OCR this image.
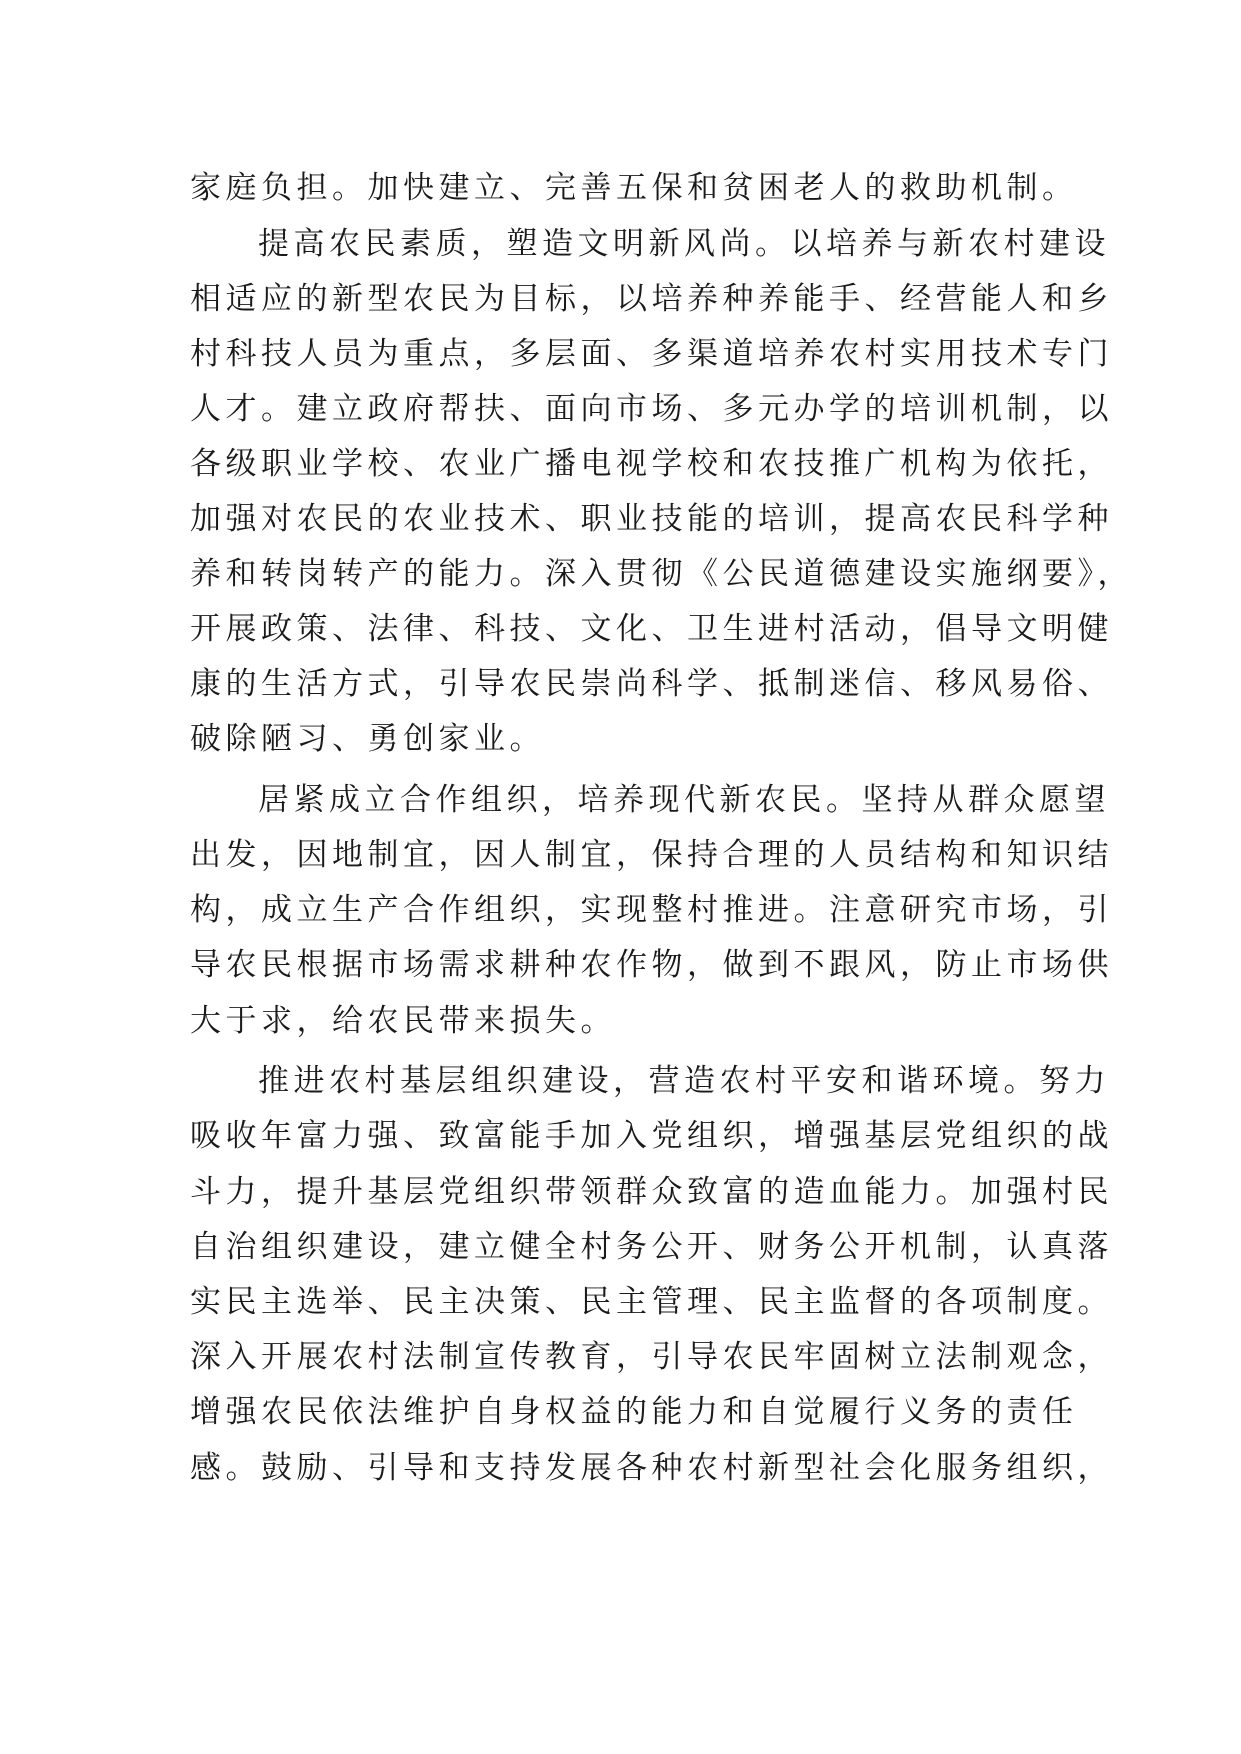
家庭负担。加快建立、完善五保和贫困老人的救助机制。

提高农民素质，塑造文明新风尚。以培养与新农村建设

相适应的新型农民为目标，以培养种养能手、经营能人和乡

村科技人员为重点，多层面、多渠道培养农村实用技术专门

人才。建立政府帮扶、面向市场、多元办学的培训机制，以

各级职业学校、农业广播电视学校和农技推广机构为依托，

加强对农民的农业技术、职业技能的培训，提高农民科学种

养和转岗转产的能力。深入贯彻《公民道德建设实施纲要》，

开展政策、法律、科技、文化、卫生进村活动，倡导文明健

康的生活方式，引导农民崇尚科学、抵制迷信、移风易俗、

破除陋习、勇创家业。

居紧成立合作组织，培养现代新农民。坚持从群众愿望

出发，因地制宜，因人制宜，保持合理的人员结构和知识结

构，成立生产合作组织，实现整村推进。注意研究市场，引

导农民根据市场需求耕种农作物，做到不跟风，防止市场供

大于求，给农民带来损失。

推进农村基层组织建设，营造农村平安和谐环境。努力

吸收年富力强、致富能手加入党组织，增强基层党组织的战

斗力，提升基层党组织带领群众致富的造血能力。加强村民

自治组织建设，建立健全村务公开、财务公开机制，认真落

实民主选举、民主决策、民主管理、民主监督的各项制度。

深入开展农村法制宣传教育，引导农民牢固树立法制观念，

增强农民依法维护自身权益的能力和自觉履行义务的责任

感。鼓励、引导和支持发展各种农村新型社会化服务组织，
